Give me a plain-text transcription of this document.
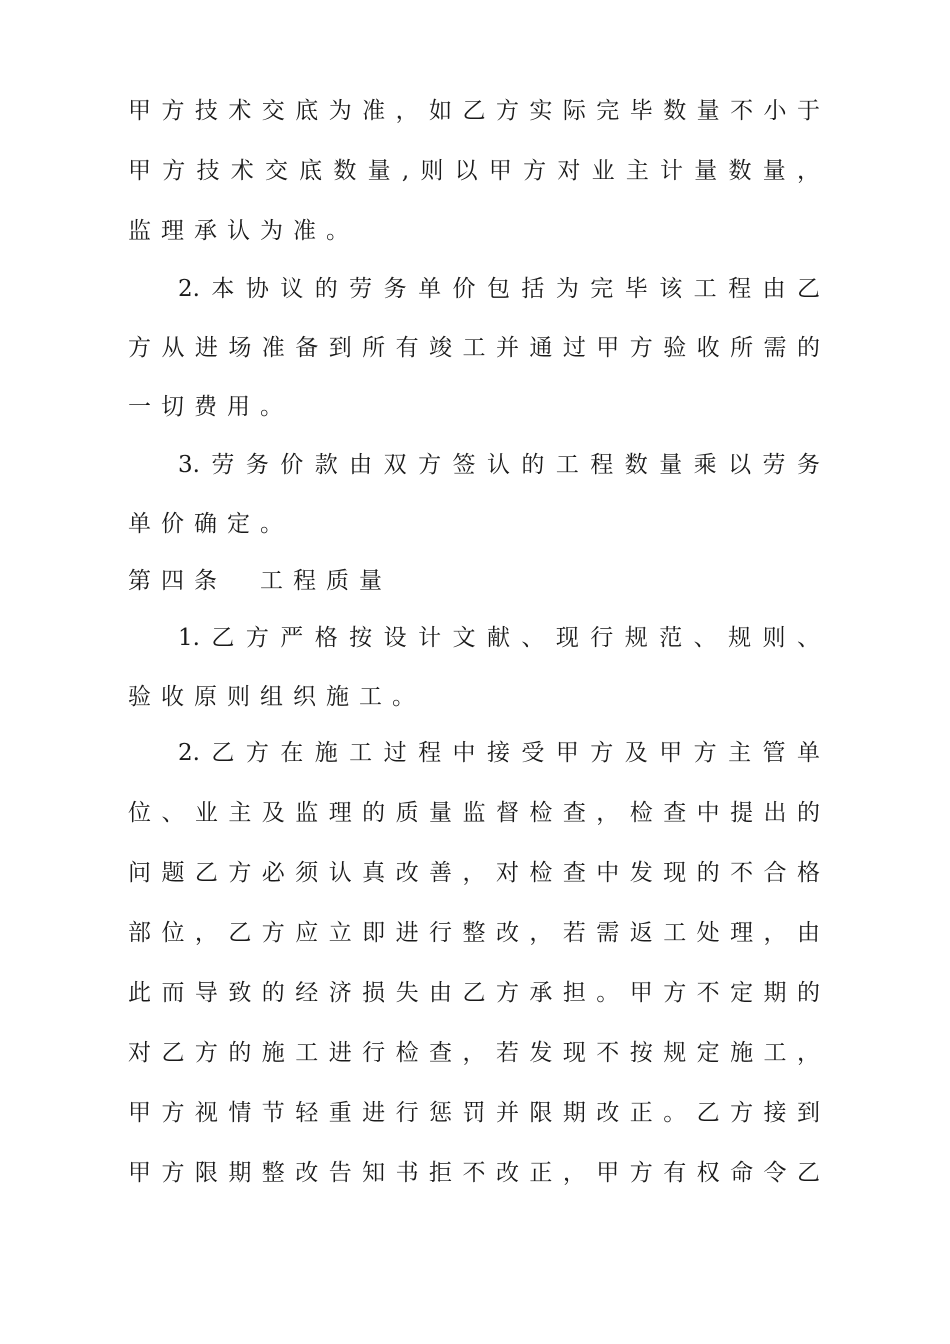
甲方技术交底为准，如乙方实际完毕数量不小于
甲方技术交底数量,则以甲方对业主计量数量，
监理承认为准。
2.本协议的劳务单价包括为完毕该工程由乙
方从进场准备到所有竣工并通过甲方验收所需的
一切费用。
3.劳务价款由双方签认的工程数量乘以劳务
单价确定。
第四条　工程质量
1.乙方严格按设计文献、现行规范、规则、
验收原则组织施工。
2.乙方在施工过程中接受甲方及甲方主管单
位、业主及监理的质量监督检查，检查中提出的
问题乙方必须认真改善，对检查中发现的不合格
部位，乙方应立即进行整改，若需返工处理，由
此而导致的经济损失由乙方承担。甲方不定期的
对乙方的施工进行检查，若发现不按规定施工，
甲方视情节轻重进行惩罚并限期改正。乙方接到
甲方限期整改告知书拒不改正，甲方有权命令乙
